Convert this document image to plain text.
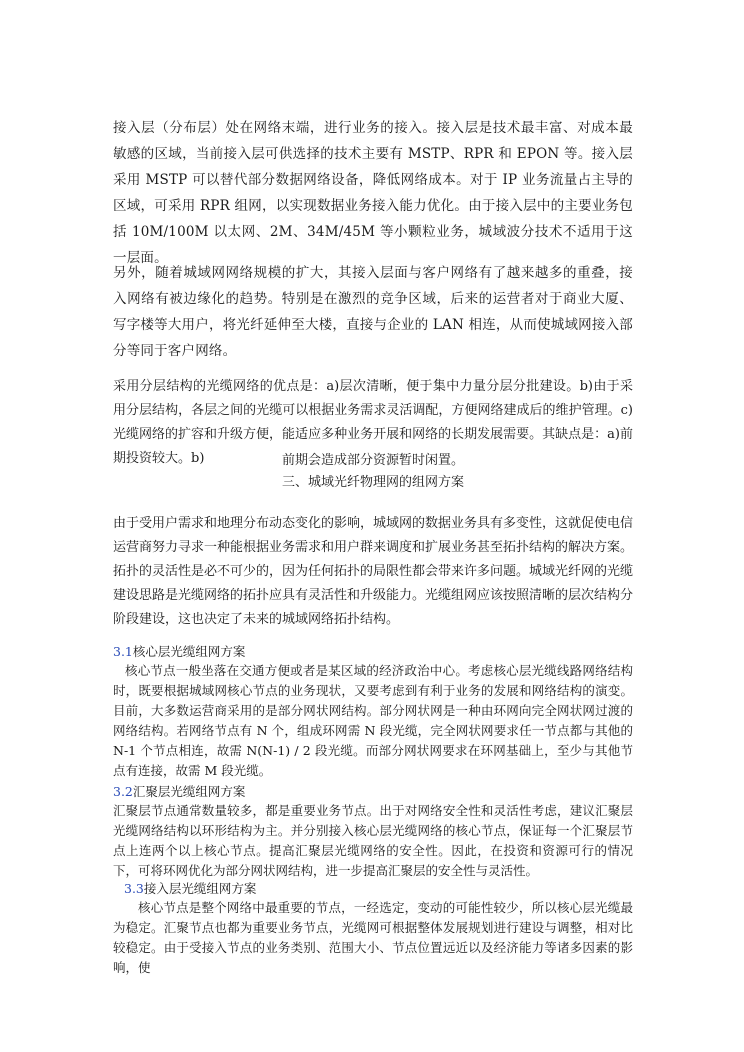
接入层（分布层）处在网络末端，进行业务的接入。接入层是技术最丰富、对成本最敏感的区域，当前接入层可供选择的技术主要有 MSTP、RPR 和 EPON 等。接入层采用 MSTP 可以替代部分数据网络设备，降低网络成本。对于 IP 业务流量占主导的区域，可采用 RPR 组网，以实现数据业务接入能力优化。由于接入层中的主要业务包括 10M/100M 以太网、2M、34M/45M 等小颗粒业务，城域波分技术不适用于这一层面。

另外，随着城域网网络规模的扩大，其接入层面与客户网络有了越来越多的重叠，接入网络有被边缘化的趋势。特别是在激烈的竞争区域，后来的运营者对于商业大厦、写字楼等大用户，将光纤延伸至大楼，直接与企业的 LAN 相连，从而使城域网接入部分等同于客户网络。

采用分层结构的光缆网络的优点是：a)层次清晰，便于集中力量分层分批建设。b)由于采用分层结构，各层之间的光缆可以根据业务需求灵活调配，方便网络建成后的维护管理。c)光缆网络的扩容和升级方便，能适应多种业务开展和网络的长期发展需要。其缺点是：a)前期投资较大。b)	前期会造成部分资源暂时闲置。

三、城域光纤物理网的组网方案

由于受用户需求和地理分布动态变化的影响，城域网的数据业务具有多变性，这就促使电信运营商努力寻求一种能根据业务需求和用户群来调度和扩展业务甚至拓扑结构的解决方案。拓扑的灵活性是必不可少的，因为任何拓扑的局限性都会带来许多问题。城域光纤网的光缆建设思路是光缆网络的拓扑应具有灵活性和升级能力。光缆组网应该按照清晰的层次结构分阶段建设，这也决定了未来的城域网络拓扑结构。

3.1核心层光缆组网方案

核心节点一般坐落在交通方便或者是某区域的经济政治中心。考虑核心层光缆线路网络结构时，既要根据城域网核心节点的业务现状，又要考虑到有利于业务的发展和网络结构的演变。目前，大多数运营商采用的是部分网状网结构。部分网状网是一种由环网向完全网状网过渡的网络结构。若网络节点有 N 个，组成环网需 N 段光缆，完全网状网要求任一节点都与其他的 N-1 个节点相连，故需 N(N-1) / 2 段光缆。而部分网状网要求在环网基础上，至少与其他节点有连接，故需 M 段光缆。

3.2汇聚层光缆组网方案

汇聚层节点通常数量较多，都是重要业务节点。出于对网络安全性和灵活性考虑，建议汇聚层光缆网络结构以环形结构为主。并分别接入核心层光缆网络的核心节点，保证每一个汇聚层节点上连两个以上核心节点。提高汇聚层光缆网络的安全性。因此，在投资和资源可行的情况下，可将环网优化为部分网状网结构，进一步提高汇聚层的安全性与灵活性。

3.3接入层光缆组网方案

核心节点是整个网络中最重要的节点，一经选定，变动的可能性较少，所以核心层光缆最为稳定。汇聚节点也都为重要业务节点，光缆网可根据整体发展规划进行建设与调整，相对比较稳定。由于受接入节点的业务类别、范围大小、节点位置远近以及经济能力等诸多因素的影响，使
